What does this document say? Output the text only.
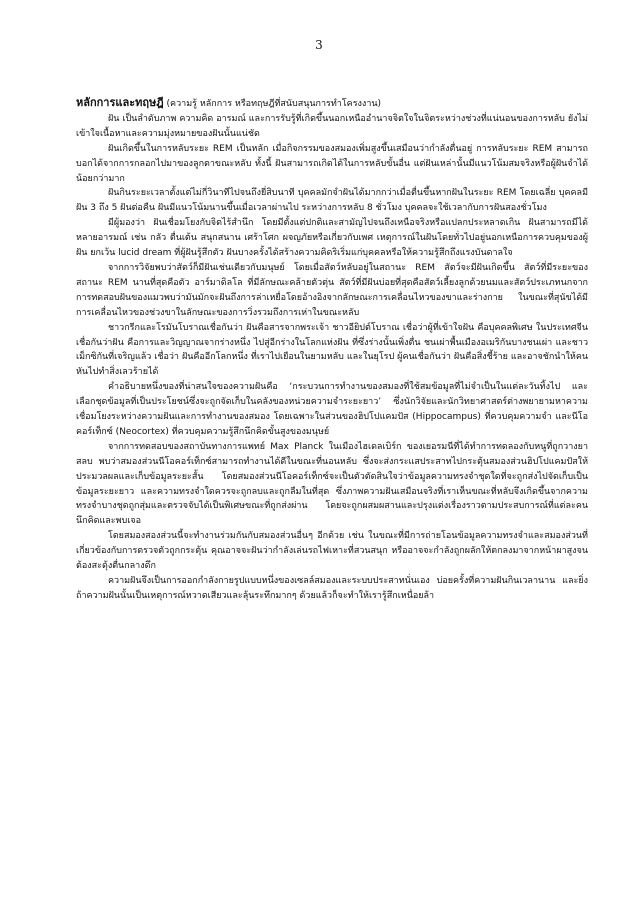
3
หลักการและทฤษฎี (ความรู้ หลักการ หรือทฤษฎีที่สนับสนุนการทำโครงงาน)

ฝัน เป็นลำดับภาพ ความคิด อารมณ์ และการรับรู้ที่เกิดขึ้นนอกเหนืออำนาจจิตใจในจิตระหว่างช่วงที่แน่นอนของการหลับ ยังไม่เข้าใจเนื้อหาและความมุ่งหมายของฝันนั้นแน่ชัด

ฝันเกิดขึ้นในการหลับระยะ REM เป็นหลัก เมื่อกิจกรรมของสมองเพิ่มสูงขึ้นเสมือนว่ากำลังตื่นอยู่ การหลับระยะ REM สามารถบอกได้จากการกลอกไปมาของลูกตาขณะหลับ ทั้งนี้ ฝันสามารถเกิดได้ในการหลับขั้นอื่น แต่ฝันเหล่านั้นมีแนวโน้มสมจริงหรือผู้ฝันจำได้น้อยกว่ามาก

ฝันกินระยะเวลาตั้งแต่ไม่กี่วินาทีไปจนถึงยี่สิบนาที บุคคลมักจำฝันได้มากกว่าเมื่อตื่นขึ้นหากฝันในระยะ REM โดยเฉลี่ย บุคคลมีฝัน 3 ถึง 5 ฝันต่อคืน ฝันมีแนวโน้มนานขึ้นเมื่อเวลาผ่านไป ระหว่างการหลับ 8 ชั่วโมง บุคคลจะใช้เวลากับการฝันสองชั่วโมง

มีผู้มองว่า ฝันเชื่อมโยงกับจิตไร้สำนึก โดยมีตั้งแต่ปกติและสามัญไปจนถึงเหนือจริงหรือแปลกประหลาดเกิน ฝันสามารถมีได้หลายอารมณ์ เช่น กลัว ตื่นเต้น สนุกสนาน เศร้าโศก ผจญภัยหรือเกี่ยวกับเพศ เหตุการณ์ในฝันโดยทั่วไปอยู่นอกเหนือการควบคุมของผู้ฝัน ยกเว้น lucid dream ที่ผู้ฝันรู้สึกตัว ฝันบางครั้งได้สร้างความคิดริเริ่มแก่บุคคลหรือให้ความรู้สึกถึงแรงบันดาลใจ

จากการวิจัยพบว่าสัตว์ก็มีฝันเช่นเดียวกับมนุษย์ โดยเมื่อสัตว์หลับอยู่ในสถานะ REM สัตว์จะมีฝันเกิดขึ้น สัตว์ที่มีระยะของสถานะ REM นานที่สุดคือตัว อาร์มาดิลโล ที่มีลักษณะคล้ายตัวตุ่น สัตว์ที่มีฝันบ่อยที่สุดคือสัตว์เลี้ยงลูกด้วยนมและสัตว์ประเภทนกจากการทดสอบฝันของแมวพบว่ามันมักจะฝันถึงการล่าเหยื่อโดยอ้างอิงจากลักษณะการเคลื่อนไหวของขาและร่างกาย ในขณะที่สุนัขได้มีการเคลื่อนไหวของช่วงขาในลักษณะของการวิ่งรวมถึงการเห่าในขณะหลับ

ชาวกรีกและโรมันโบราณเชื่อกันว่า ฝันคือสารจากพระเจ้า ชาวอียิปต์โบราณ เชื่อว่าผู้ที่เข้าใจฝัน คือบุคคลพิเศษ ในประเทศจีน เชื่อกันว่าฝัน คือการและวิญญาณจากร่างหนึ่ง ไปสู่อีกร่างในโลกแห่งฝัน ที่ซึ่งร่างนั้นเพิ่งตื่น ชนเผ่าพื้นเมืองอเมริกันบางชนเผ่า และชาวเม็กซิกันที่เจริญแล้ว เชื่อว่า ฝันคืออีกโลกหนึ่ง ที่เราไปเยือนในยามหลับ และในยุโรป ผู้คนเชื่อกันว่า ฝันคือสิ่งชี้ร้าย และอาจชักนำให้คนหันไปทำสิ่งเลวร้ายได้

คำอธิบายหนึ่งของที่น่าสนใจของความฝันคือ ‘กระบวนการทำงานของสมองที่ใช้สมข้อมูลที่ไม่จำเป็นในแต่ละวันทิ้งไป และเลือกชุดข้อมูลที่เป็นประโยชน์ซึ่งจะถูกจัดเก็บในคลังของหน่วยความจำระยะยาว’ ซึ่งนักวิจัยและนักวิทยาศาสตร์ต่างพยายามหาความเชื่อมโยงระหว่างความฝันและการทำงานของสมอง โดยเฉพาะในส่วนของฮิปโปแคมปัส (Hippocampus) ที่ควบคุมความจำ และนีโอคอร์เท็กซ์ (Neocortex) ที่ควบคุมความรู้สึกนึกคิดขั้นสูงของมนุษย์

จากการทดสอบของสถาบันทางการแพทย์ Max Planck ในเมืองไฮเดลเบิร์ก ของเยอรมนีที่ได้ทำการทดลองกับหนูที่ถูกวางยาสลบ พบว่าสมองส่วนนีโอคอร์เท็กซ์สามารถทำงานได้ดีในขณะที่นอนหลับ ซึ่งจะส่งกระแสประสาทไปกระตุ้นสมองส่วนฮิปโปแคมปัสให้ประมวลผลและเก็บข้อมูลระยะสั้น โดยสมองส่วนนีโอคอร์เท็กซ์จะเป็นตัวตัดสินใจว่าข้อมูลความทรงจำชุดใดที่จะถูกส่งไปจัดเก็บเป็นข้อมูลระยะยาว และความทรงจำใดควรจะถูกลบและถูกลืมในที่สุด ซึ่งภาพความฝันเสมือนจริงที่เราเห็นขณะที่หลับจึงเกิดขึ้นจากความทรงจำบางชุดถูกสุ่มและตรวจจับได้เป็นพิเศษขณะที่ถูกส่งผ่าน โดยจะถูกผสมผสานและปรุงแต่งเรื่องราวตามประสบการณ์ที่แต่ละคนนึกคิดและพบเจอ

โดยสมองสองส่วนนี้จะทำงานร่วมกันกับสมองส่วนอื่นๆ อีกด้วย เช่น ในขณะที่มีการถ่ายโอนข้อมูลความทรงจำและสมองส่วนที่เกี่ยวข้องกับการตรวจตัวถูกกระตุ้น คุณอาจจะฝันว่ากำลังเล่นรถไฟเหาะที่สวนสนุก หรืออาจจะกำลังถูกผลักให้ตกลงมาจากหน้าผาสูงจนต้องสะดุ้งตื่นกลางดึก

ความฝันจึงเป็นการออกกำลังกายรูปแบบหนึ่งของเซลล์สมองและระบบประสาทนั่นเอง บ่อยครั้งที่ความฝันกินเวลานาน และยิ่งถ้าความฝันนั้นเป็นเหตุการณ์หวาดเสียวและลุ้นระทึกมากๆ ด้วยแล้วก็จะทำให้เรารู้สึกเหนื่อยล้า
